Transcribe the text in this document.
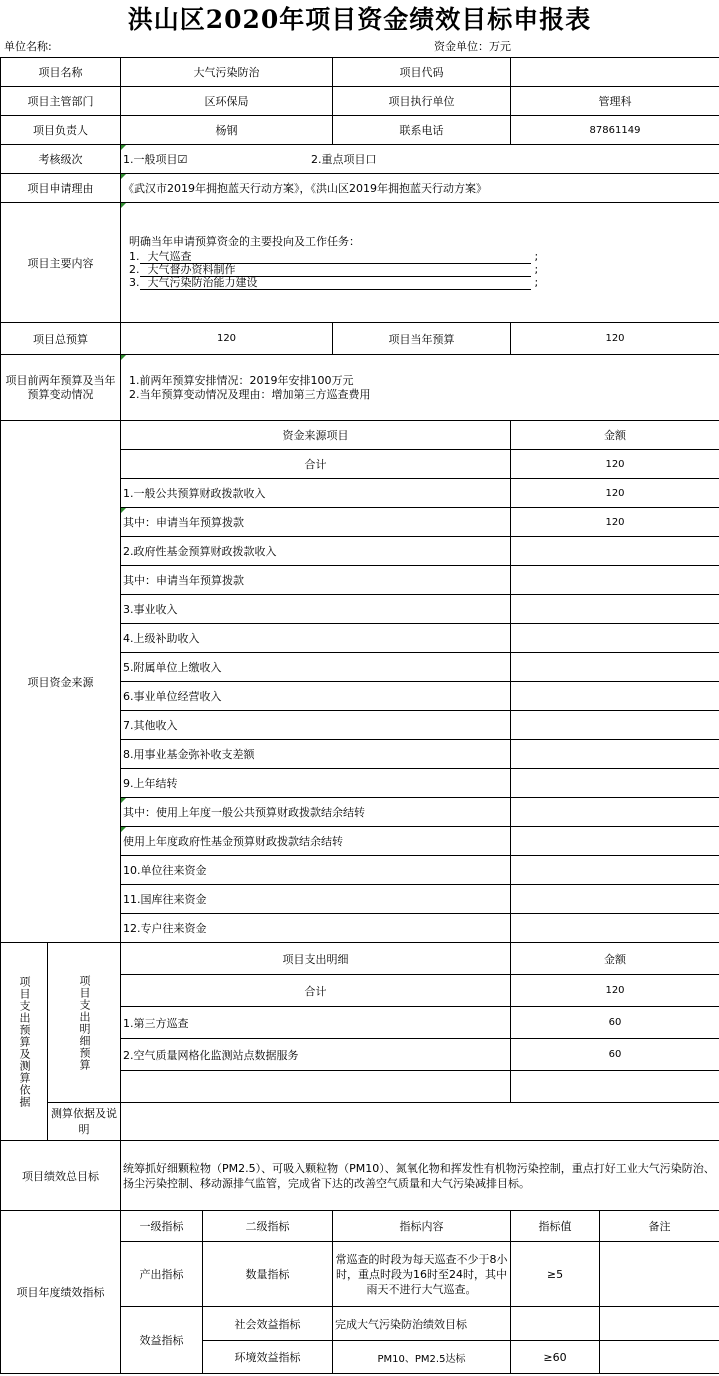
洪山区2020年项目资金绩效目标申报表
单位名称:	资金单位：万元
项目名称		大气污染防治		项目代码		
项目主管部门		区环保局		项目执行单位	管理科	
项目负责人		杨钢		联系电话	87861149	
考核级次		1.一般项目☑ 2.重点项目口				
项目申请理由		《武汉市2019年拥抱蓝天行动方案》，《洪山区2019年拥抱蓝天行动方案》				
项目主要内容		明确当年申请预算资金的主要投向及工作任务：
1. 大气巡查 ;
2. 大气督办资料制作 ;
3. 大气污染防治能力建设 ;				

项目总预算		120		项目当年预算	120	
项目前两年预算及当年预算变动情况		1.前两年预算安排情况：2019年安排100万元
2.当年预算变动情况及理由：增加第三方巡查费用				

项目资金来源		资金来源项目			金额	
		合计			120	
		1.一般公共预算财政拨款收入			120	
		其中：申请当年预算拨款			120	
		2.政府性基金预算财政拨款收入				
		其中：申请当年预算拨款				
		3.事业收入				
		4.上级补助收入				
		5.附属单位上缴收入				
		6.事业单位经营收入				
		7.其他收入				
		8.用事业基金弥补收支差额				
		9.上年结转				
		其中：使用上年度一般公共预算财政拨款结余结转				
		使用上年度政府性基金预算财政拨款结余结转				
		10.单位往来资金				
		11.国库往来资金				
		12.专户往来资金				

项目支出预算及测算依据	项目支出明细预算	项目支出明细			金额	
		合计			120	
		1.第三方巡查			60	
		2.空气质量网格化监测站点数据服务			60	

	测算依据及说明					
项目绩效总目标		统筹抓好细颗粒物（PM2.5）、可吸入颗粒物（PM10）、氮氧化物和挥发性有机物污染控制，重点打好工业大气污染防治、扬尘污染控制、移动源排气监管，完成省下达的改善空气质量和大气污染减排目标。				
项目年度绩效指标		一级指标	二级指标	指标内容	指标值	备注
		产出指标	数量指标	常巡查的时段为每天巡查不少于8小时，重点时段为16时至24时，其中雨天不进行大气巡查。	≥5	
		效益指标	社会效益指标	完成大气污染防治绩效目标		
			环境效益指标	PM10、PM2.5达标	≥60	
